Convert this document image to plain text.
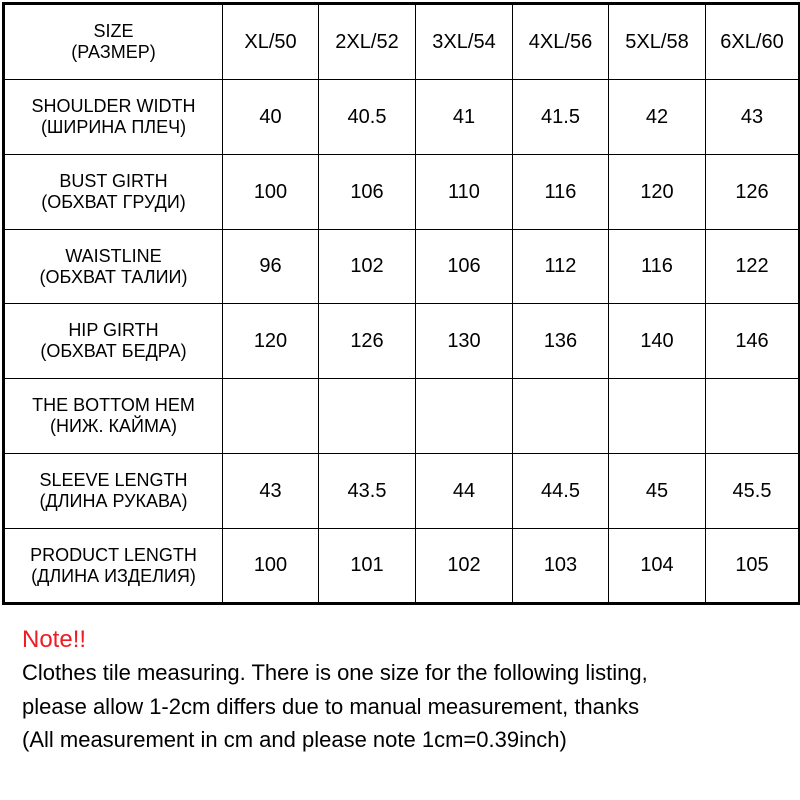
SIZE
(РАЗМЕР)	XL/50	2XL/52	3XL/54	4XL/56	5XL/58	6XL/60

SHOULDER WIDTH
(ШИРИНА ПЛЕЧ)	40	40.5	41	41.5	42	43

BUST GIRTH
(ОБХВАТ ГРУДИ)	100	106	110	116	120	126

WAISTLINE
(ОБХВАТ ТАЛИИ)	96	102	106	112	116	122

HIP GIRTH
(ОБХВАТ БЕДРА)	120	126	130	136	140	146

THE BOTTOM HEM
(НИЖ. КАЙМА)						

SLEEVE LENGTH
(ДЛИНА РУКАВА)	43	43.5	44	44.5	45	45.5

PRODUCT LENGTH
(ДЛИНА ИЗДЕЛИЯ)	100	101	102	103	104	105
Note!!
Clothes tile measuring. There is one size for the following listing,
please allow 1-2cm differs due to manual measurement, thanks
(All measurement in cm and please note 1cm=0.39inch)
